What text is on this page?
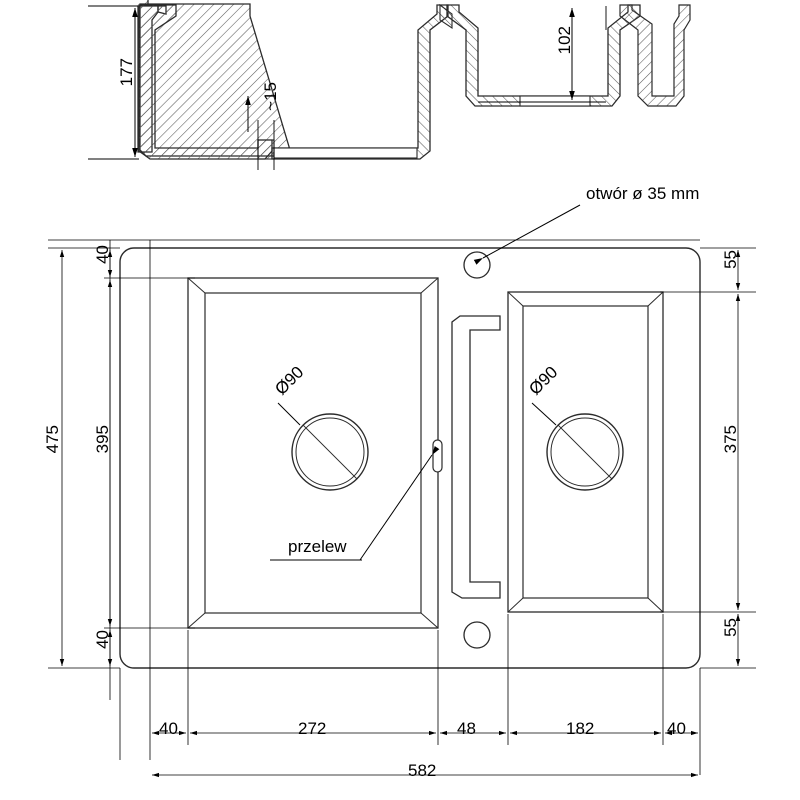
177
102
~15
otwór ø 35 mm
przelew
Ø90	Ø90
475 395
40
40
55
375
55
40	272	48	182	40
582
